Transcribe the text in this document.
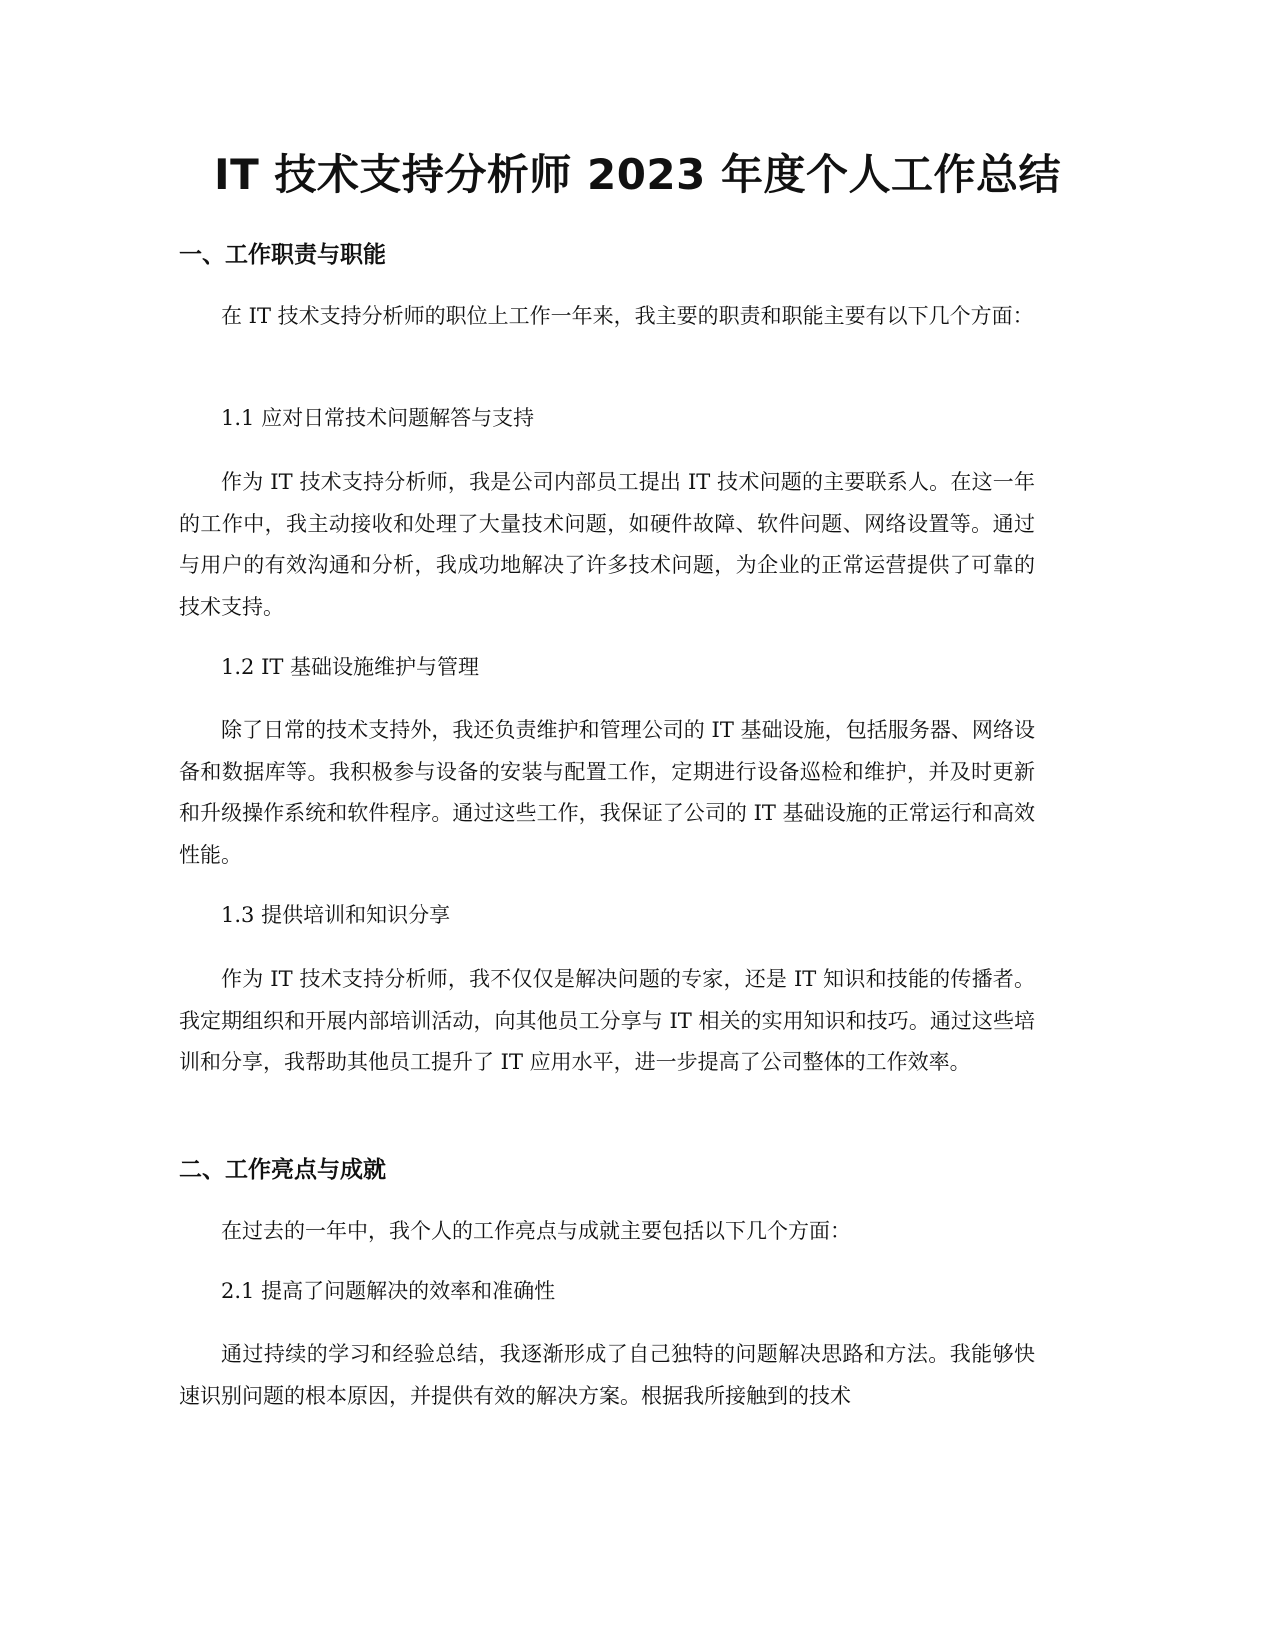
IT 技术支持分析师 2023 年度个人工作总结
一、工作职责与职能

在 IT 技术支持分析师的职位上工作一年来，我主要的职责和职能主要有以下几个方面：

1.1 应对日常技术问题解答与支持

作为 IT 技术支持分析师，我是公司内部员工提出 IT 技术问题的主要联系人。在这一年的工作中，我主动接收和处理了大量技术问题，如硬件故障、软件问题、网络设置等。通过与用户的有效沟通和分析，我成功地解决了许多技术问题，为企业的正常运营提供了可靠的技术支持。

1.2 IT 基础设施维护与管理

除了日常的技术支持外，我还负责维护和管理公司的 IT 基础设施，包括服务器、网络设备和数据库等。我积极参与设备的安装与配置工作，定期进行设备巡检和维护，并及时更新和升级操作系统和软件程序。通过这些工作，我保证了公司的 IT 基础设施的正常运行和高效性能。

1.3 提供培训和知识分享

作为 IT 技术支持分析师，我不仅仅是解决问题的专家，还是 IT 知识和技能的传播者。我定期组织和开展内部培训活动，向其他员工分享与 IT 相关的实用知识和技巧。通过这些培训和分享，我帮助其他员工提升了 IT 应用水平，进一步提高了公司整体的工作效率。

二、工作亮点与成就

在过去的一年中，我个人的工作亮点与成就主要包括以下几个方面：

2.1 提高了问题解决的效率和准确性

通过持续的学习和经验总结，我逐渐形成了自己独特的问题解决思路和方法。我能够快速识别问题的根本原因，并提供有效的解决方案。根据我所接触到的技术
